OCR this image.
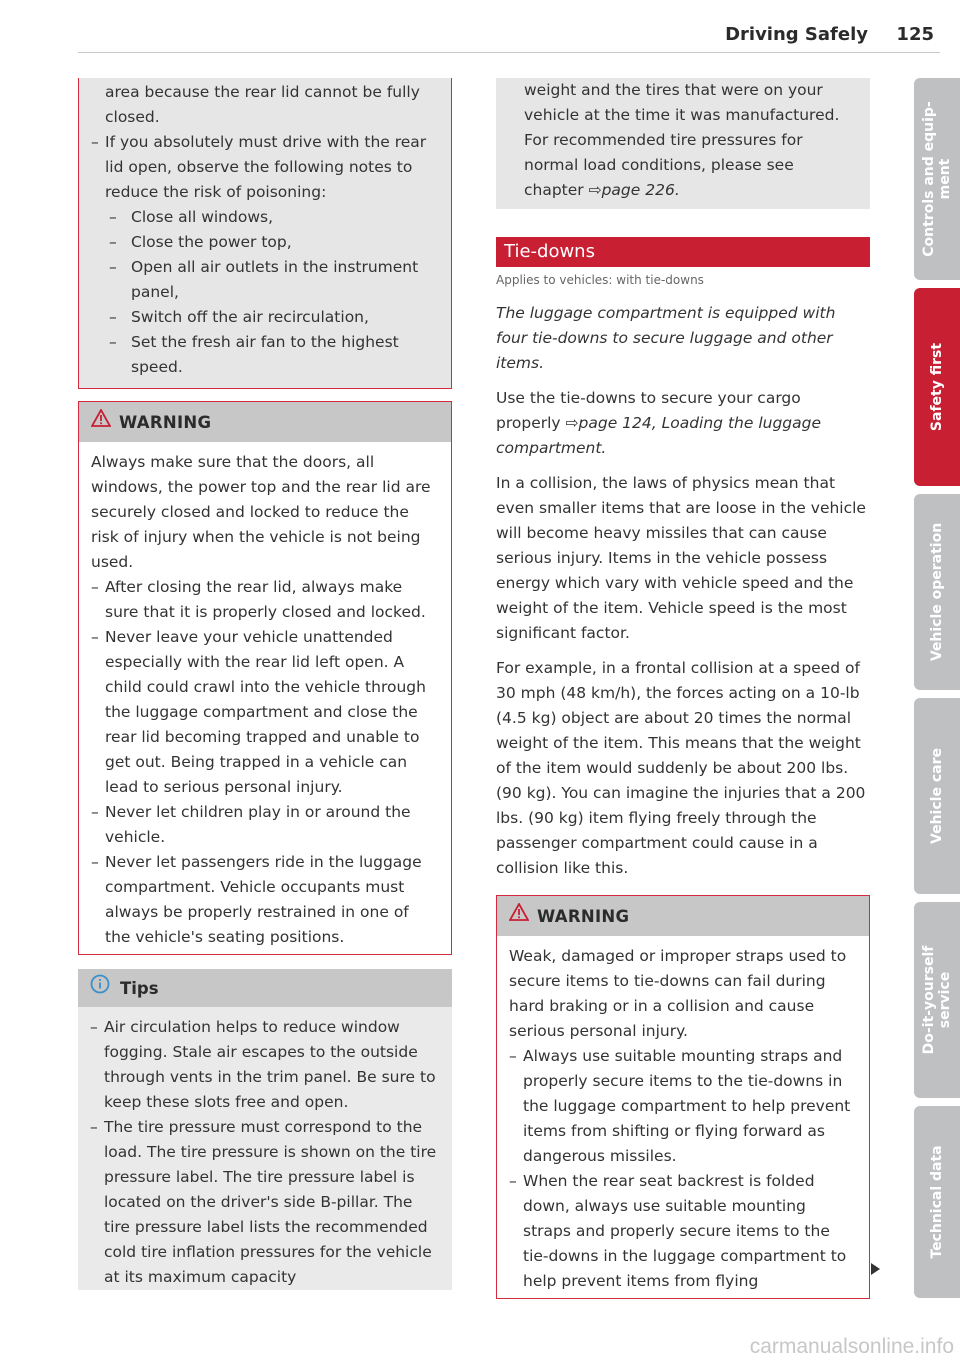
Driving Safely 125
area because the rear lid cannot be fully
closed.
– If you absolutely must drive with the rear lid open, observe the following notes to reduce the risk of poisoning:
– Close all windows,
– Close the power top,
– Open all air outlets in the instrument panel,
– Switch off the air recirculation,
– Set the fresh air fan to the highest speed.
WARNING
Always make sure that the doors, all windows, the power top and the rear lid are securely closed and locked to reduce the risk of injury when the vehicle is not being used.
– After closing the rear lid, always make sure that it is properly closed and locked.
– Never leave your vehicle unattended especially with the rear lid left open. A child could crawl into the vehicle through the luggage compartment and close the rear lid becoming trapped and unable to get out. Being trapped in a vehicle can lead to serious personal injury.
– Never let children play in or around the vehicle.
– Never let passengers ride in the luggage compartment. Vehicle occupants must always be properly restrained in one of the vehicle's seating positions.
Tips
– Air circulation helps to reduce window fogging. Stale air escapes to the outside through vents in the trim panel. Be sure to keep these slots free and open.
– The tire pressure must correspond to the load. The tire pressure is shown on the tire pressure label. The tire pressure label is located on the driver's side B-pillar. The tire pressure label lists the recommended cold tire inflation pressures for the vehicle at its maximum capacity
weight and the tires that were on your vehicle at the time it was manufactured. For recommended tire pressures for normal load conditions, please see chapter ⇨page 226.
Tie-downs
Applies to vehicles: with tie-downs
The luggage compartment is equipped with four tie-downs to secure luggage and other items.

Use the tie-downs to secure your cargo properly ⇨page 124, Loading the luggage compartment.

In a collision, the laws of physics mean that even smaller items that are loose in the vehicle will become heavy missiles that can cause serious injury. Items in the vehicle possess energy which vary with vehicle speed and the weight of the item. Vehicle speed is the most significant factor.

For example, in a frontal collision at a speed of 30 mph (48 km/h), the forces acting on a 10-lb (4.5 kg) object are about 20 times the normal weight of the item. This means that the weight of the item would suddenly be about 200 lbs. (90 kg). You can imagine the injuries that a 200 lbs. (90 kg) item flying freely through the passenger compartment could cause in a collision like this.

WARNING
Weak, damaged or improper straps used to secure items to tie-downs can fail during hard braking or in a collision and cause serious personal injury.
– Always use suitable mounting straps and properly secure items to the tie-downs in the luggage compartment to help prevent items from shifting or flying forward as dangerous missiles.
– When the rear seat backrest is folded down, always use suitable mounting straps and properly secure items to the tie-downs in the luggage compartment to help prevent items from flying
Controls and equip-
ment
Safety first
Vehicle operation
Vehicle care
Do-it-yourself
service
Technical data
carmanualsonline.info
